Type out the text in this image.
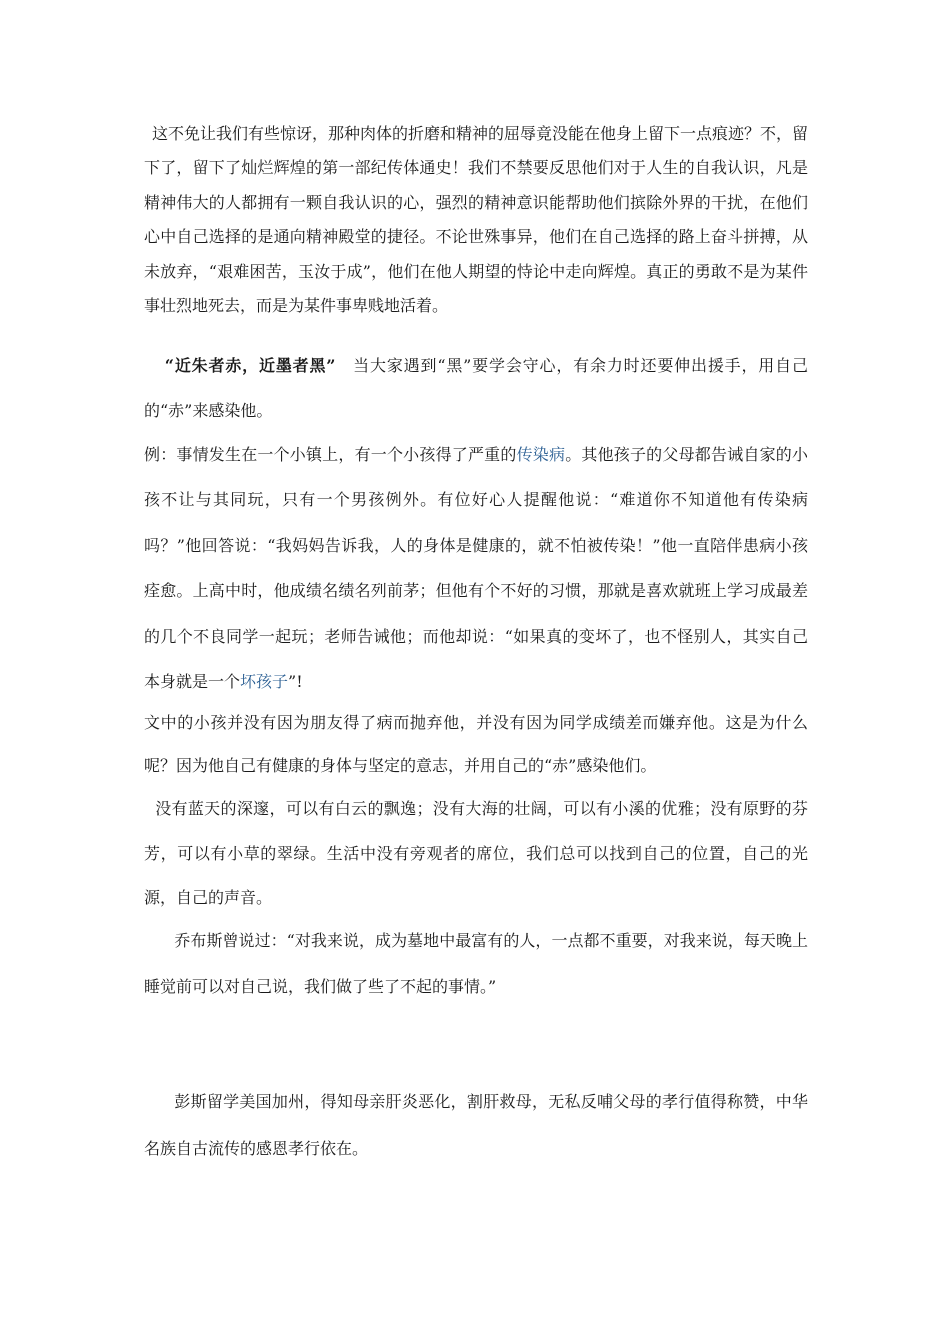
这不免让我们有些惊讶，那种肉体的折磨和精神的屈辱竟没能在他身上留下一点痕迹？不，留下了，留下了灿烂辉煌的第一部纪传体通史！我们不禁要反思他们对于人生的自我认识，凡是精神伟大的人都拥有一颗自我认识的心，强烈的精神意识能帮助他们摈除外界的干扰，在他们心中自己选择的是通向精神殿堂的捷径。不论世殊事异，他们在自己选择的路上奋斗拼搏，从未放弃，“艰难困苦，玉汝于成”，他们在他人期望的恃论中走向辉煌。真正的勇敢不是为某件事壮烈地死去，而是为某件事卑贱地活着。

“近朱者赤，近墨者黑”　当大家遇到“黑”要学会守心，有余力时还要伸出援手，用自己的“赤”来感染他。

例：事情发生在一个小镇上，有一个小孩得了严重的传染病。其他孩子的父母都告诫自家的小孩不让与其同玩，只有一个男孩例外。有位好心人提醒他说：“难道你不知道他有传染病吗？”他回答说：“我妈妈告诉我，人的身体是健康的，就不怕被传染！”他一直陪伴患病小孩痊愈。上高中时，他成绩名绩名列前茅；但他有个不好的习惯，那就是喜欢就班上学习成最差的几个不良同学一起玩；老师告诫他；而他却说：“如果真的变坏了，也不怪别人，其实自己本身就是一个坏孩子”!

文中的小孩并没有因为朋友得了病而抛弃他，并没有因为同学成绩差而嫌弃他。这是为什么呢？因为他自己有健康的身体与坚定的意志，并用自己的“赤”感染他们。

没有蓝天的深邃，可以有白云的飘逸；没有大海的壮阔，可以有小溪的优雅；没有原野的芬芳，可以有小草的翠绿。生活中没有旁观者的席位，我们总可以找到自己的位置，自己的光源，自己的声音。

乔布斯曾说过：“对我来说，成为墓地中最富有的人，一点都不重要，对我来说，每天晚上睡觉前可以对自己说，我们做了些了不起的事情。”

彭斯留学美国加州，得知母亲肝炎恶化，割肝救母，无私反哺父母的孝行值得称赞，中华名族自古流传的感恩孝行依在。
